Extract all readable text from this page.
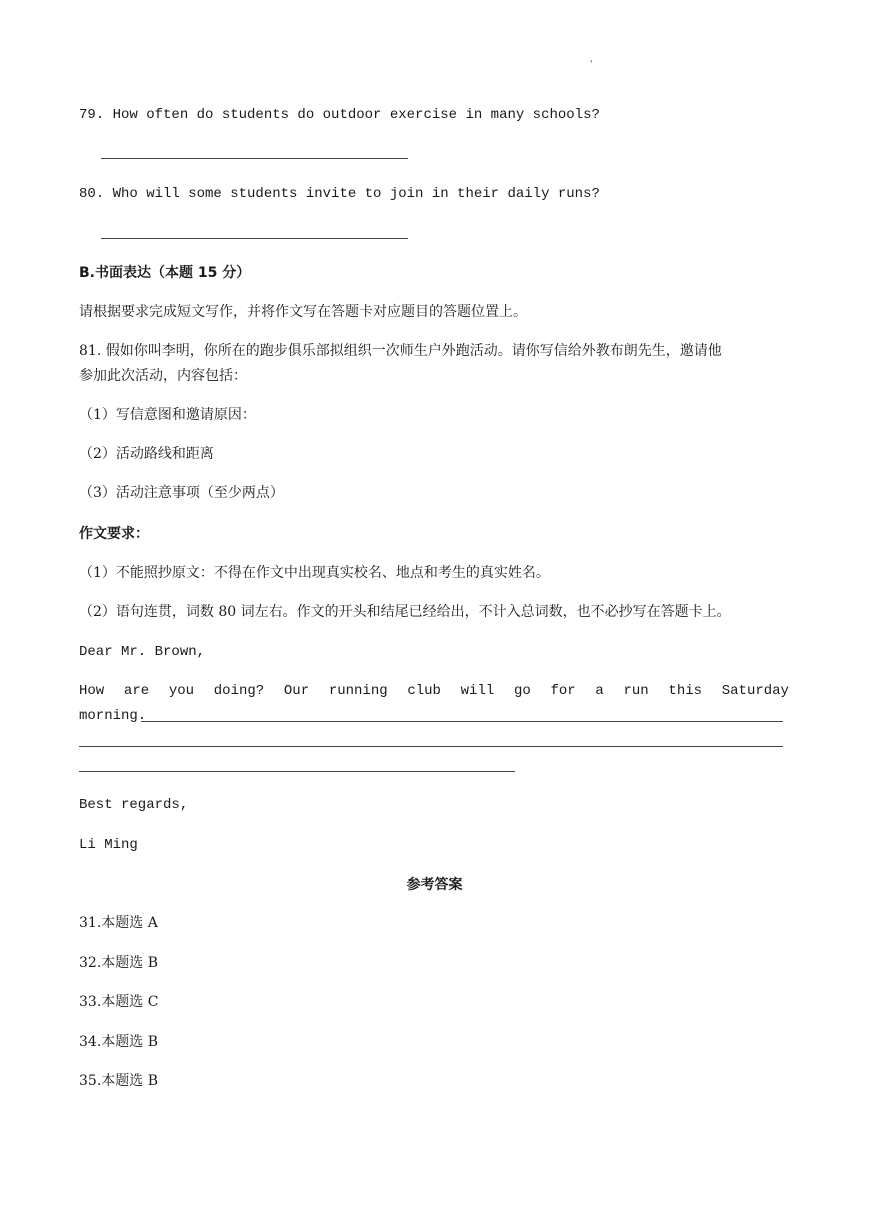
'
79. How often do students do outdoor exercise in many schools?
80. Who will some students invite to join in their daily runs?
B.书面表达（本题 15 分）
请根据要求完成短文写作，并将作文写在答题卡对应题目的答题位置上。
81. 假如你叫李明，你所在的跑步俱乐部拟组织一次师生户外跑活动。请你写信给外教布朗先生，邀请他
参加此次活动，内容包括：
（1）写信意图和邀请原因：
（2）活动路线和距离
（3）活动注意事项（至少两点）
作文要求：
（1）不能照抄原文：不得在作文中出现真实校名、地点和考生的真实姓名。
（2）语句连贯，词数 80 词左右。作文的开头和结尾已经给出，不计入总词数，也不必抄写在答题卡上。
Dear Mr. Brown,
How are you doing? Our running club will go for a run this Saturday
morning.
Best regards,
Li Ming
参考答案
31.本题选 A
32.本题选 B
33.本题选 C
34.本题选 B
35.本题选 B
